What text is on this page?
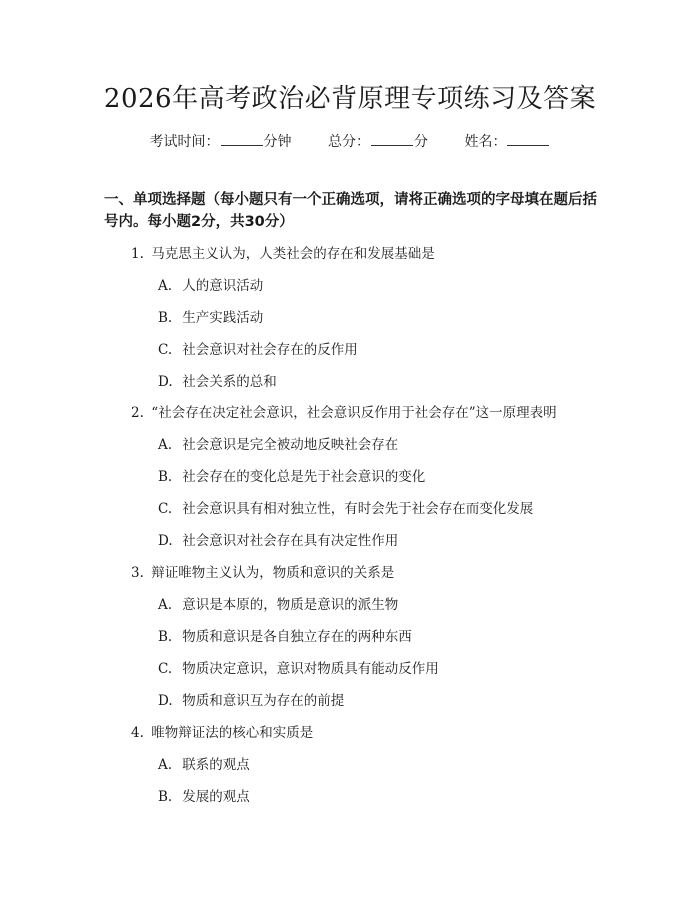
2026年高考政治必背原理专项练习及答案
考试时间：	分钟	总分：	分	姓名：
一、单项选择题（每小题只有一个正确选项，请将正确选项的字母填在题后括号内。每小题2分，共30分）
1. 马克思主义认为，人类社会的存在和发展基础是
A. 人的意识活动
B. 生产实践活动
C. 社会意识对社会存在的反作用
D. 社会关系的总和
2. “社会存在决定社会意识，社会意识反作用于社会存在”这一原理表明
A. 社会意识是完全被动地反映社会存在
B. 社会存在的变化总是先于社会意识的变化
C. 社会意识具有相对独立性，有时会先于社会存在而变化发展
D. 社会意识对社会存在具有决定性作用
3. 辩证唯物主义认为，物质和意识的关系是
A. 意识是本原的，物质是意识的派生物
B. 物质和意识是各自独立存在的两种东西
C. 物质决定意识，意识对物质具有能动反作用
D. 物质和意识互为存在的前提
4. 唯物辩证法的核心和实质是
A. 联系的观点
B. 发展的观点
